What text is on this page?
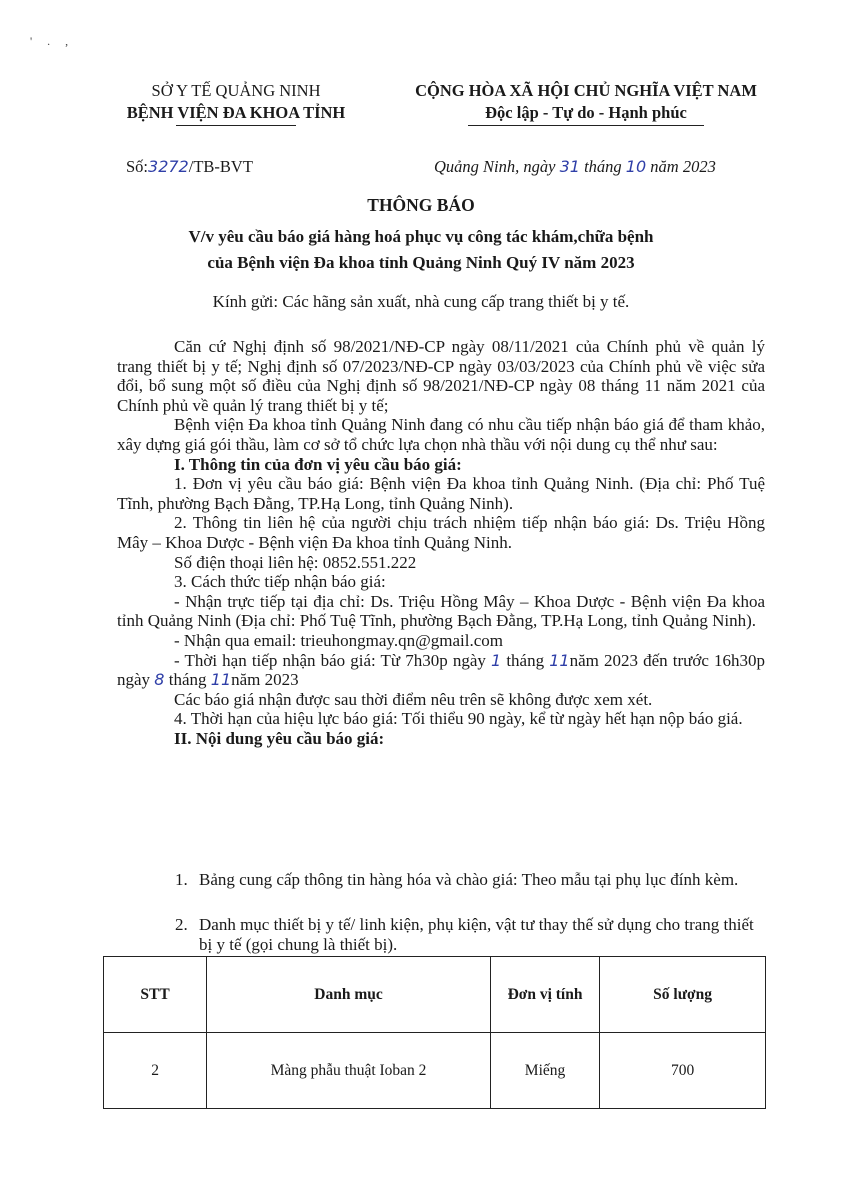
' . ,
SỞ Y TẾ QUẢNG NINH
BỆNH VIỆN ĐA KHOA TỈNH
CỘNG HÒA XÃ HỘI CHỦ NGHĨA VIỆT NAM
Độc lập - Tự do - Hạnh phúc
Số:3272/TB-BVT	Quảng Ninh, ngày 31 tháng 10 năm 2023
THÔNG BÁO
V/v yêu cầu báo giá hàng hoá phục vụ công tác khám,chữa bệnh
của Bệnh viện Đa khoa tỉnh Quảng Ninh Quý IV năm 2023
Kính gửi: Các hãng sản xuất, nhà cung cấp trang thiết bị y tế.

Căn cứ Nghị định số 98/2021/NĐ-CP ngày 08/11/2021 của Chính phủ về quản lý trang thiết bị y tế; Nghị định số 07/2023/NĐ-CP ngày 03/03/2023 của Chính phủ về việc sửa đổi, bổ sung một số điều của Nghị định số 98/2021/NĐ-CP ngày 08 tháng 11 năm 2021 của Chính phủ về quản lý trang thiết bị y tế;

Bệnh viện Đa khoa tỉnh Quảng Ninh đang có nhu cầu tiếp nhận báo giá để tham khảo, xây dựng giá gói thầu, làm cơ sở tổ chức lựa chọn nhà thầu với nội dung cụ thể như sau:

I. Thông tin của đơn vị yêu cầu báo giá:

1. Đơn vị yêu cầu báo giá: Bệnh viện Đa khoa tỉnh Quảng Ninh. (Địa chỉ: Phố Tuệ Tĩnh, phường Bạch Đằng, TP.Hạ Long, tỉnh Quảng Ninh).

2. Thông tin liên hệ của người chịu trách nhiệm tiếp nhận báo giá: Ds. Triệu Hồng Mây – Khoa Dược - Bệnh viện Đa khoa tỉnh Quảng Ninh.

Số điện thoại liên hệ: 0852.551.222

3. Cách thức tiếp nhận báo giá:

- Nhận trực tiếp tại địa chỉ: Ds. Triệu Hồng Mây – Khoa Dược - Bệnh viện Đa khoa tỉnh Quảng Ninh (Địa chỉ: Phố Tuệ Tĩnh, phường Bạch Đằng, TP.Hạ Long, tỉnh Quảng Ninh).

- Nhận qua email: trieuhongmay.qn@gmail.com

- Thời hạn tiếp nhận báo giá: Từ 7h30p ngày 1 tháng 11năm 2023 đến trước 16h30p ngày 8 tháng 11năm 2023

Các báo giá nhận được sau thời điểm nêu trên sẽ không được xem xét.

4. Thời hạn của hiệu lực báo giá: Tối thiểu 90 ngày, kể từ ngày hết hạn nộp báo giá.

II. Nội dung yêu cầu báo giá:

1. Bảng cung cấp thông tin hàng hóa và chào giá: Theo mẫu tại phụ lục đính kèm.
2. Danh mục thiết bị y tế/ linh kiện, phụ kiện, vật tư thay thế sử dụng cho trang thiết bị y tế (gọi chung là thiết bị).
STT	Danh mục	Đơn vị tính	Số lượng
2	Màng phẫu thuật Ioban 2	Miếng	700
